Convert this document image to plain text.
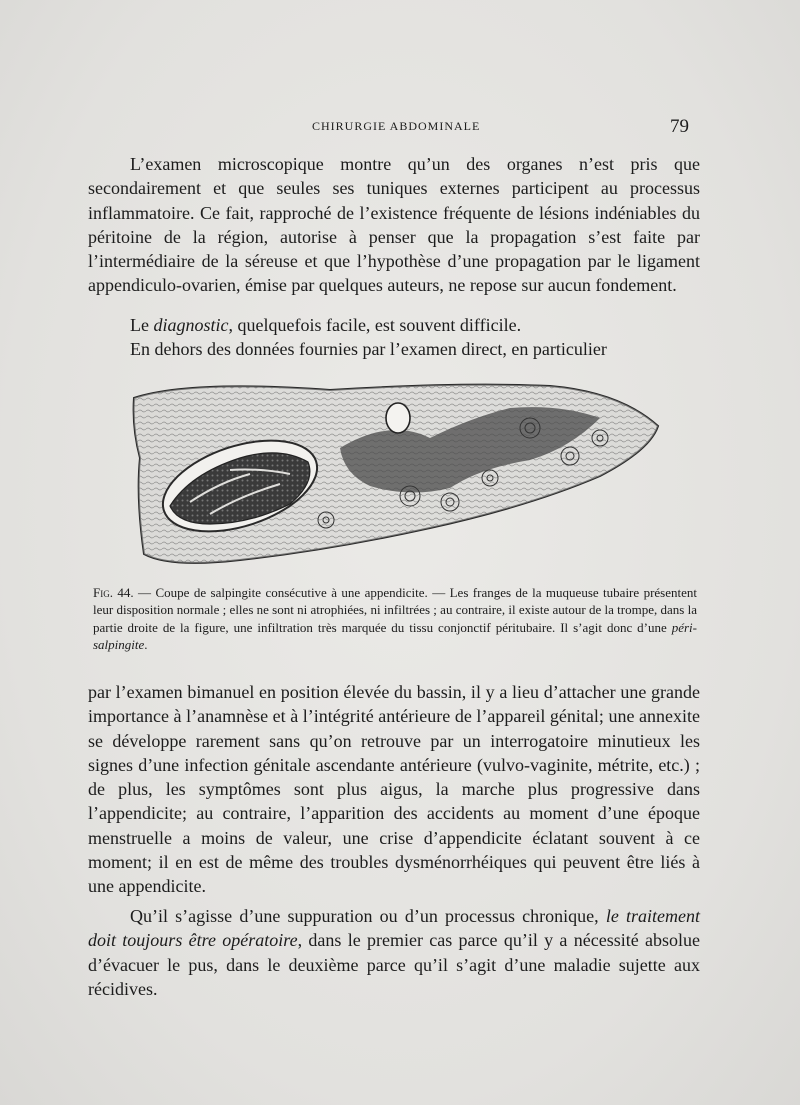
CHIRURGIE ABDOMINALE	79

L’examen microscopique montre qu’un des organes n’est pris que secondairement et que seules ses tuniques externes participent au processus inflammatoire. Ce fait, rapproché de l’existence fréquente de lésions indéniables du péritoine de la région, autorise à penser que la propagation s’est faite par l’intermédiaire de la séreuse et que l’hypothèse d’une propagation par le ligament appendiculo-ovarien, émise par quelques auteurs, ne repose sur aucun fondement.

Le diagnostic, quelquefois facile, est souvent difficile.

En dehors des données fournies par l’examen direct, en particulier

Fig. 44. — Coupe de salpingite consécutive à une appendicite. — Les franges de la muqueuse tubaire présentent leur disposition normale ; elles ne sont ni atrophiées, ni infiltrées ; au contraire, il existe autour de la trompe, dans la partie droite de la figure, une infiltration très marquée du tissu conjonctif péritubaire. Il s’agit donc d’une péri-salpingite.

par l’examen bimanuel en position élevée du bassin, il y a lieu d’attacher une grande importance à l’anamnèse et à l’intégrité antérieure de l’appareil génital; une annexite se développe rarement sans qu’on retrouve par un interrogatoire minutieux les signes d’une infection génitale ascendante antérieure (vulvo-vaginite, métrite, etc.) ; de plus, les symptômes sont plus aigus, la marche plus progressive dans l’appendicite; au contraire, l’apparition des accidents au moment d’une époque menstruelle a moins de valeur, une crise d’appendicite éclatant souvent à ce moment; il en est de même des troubles dysménorrhéiques qui peuvent être liés à une appendicite.

Qu’il s’agisse d’une suppuration ou d’un processus chronique, le traitement doit toujours être opératoire, dans le premier cas parce qu’il y a nécessité absolue d’évacuer le pus, dans le deuxième parce qu’il s’agit d’une maladie sujette aux récidives.
